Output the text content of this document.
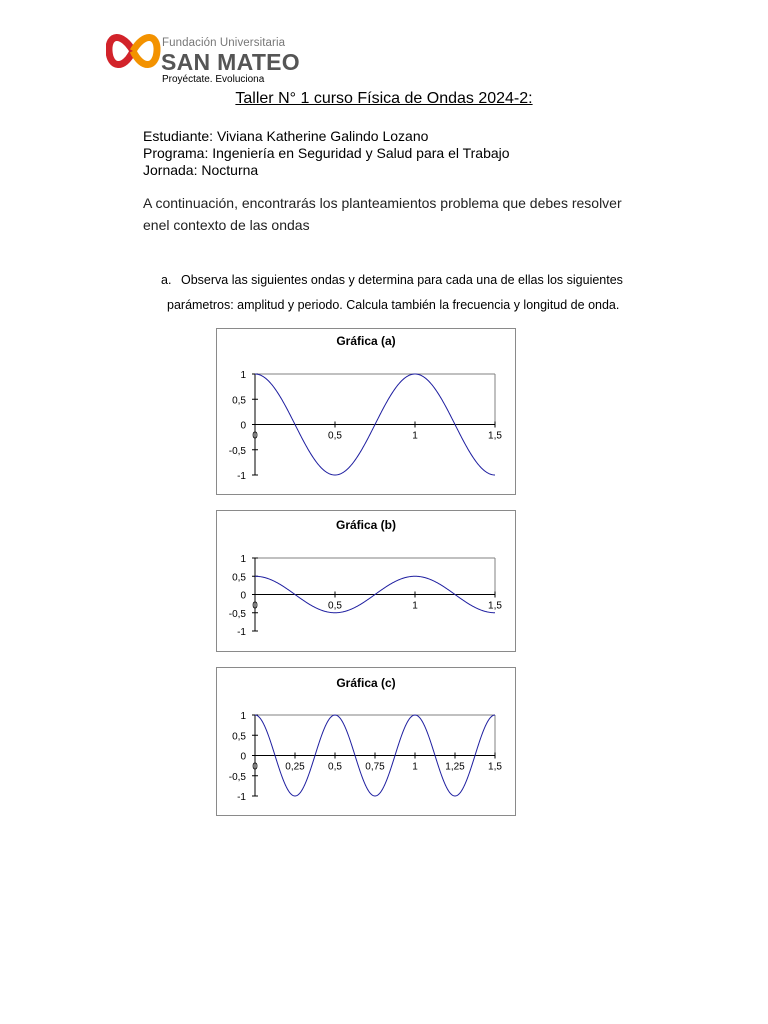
Fundación Universitaria
SAN MATEO
Proyéctate. Evoluciona
Taller N° 1 curso Física de Ondas 2024-2:
Estudiante: Viviana Katherine Galindo Lozano
Programa: Ingeniería en Seguridad y Salud para el Trabajo
Jornada: Nocturna
A continuación, encontrarás los planteamientos problema que debes resolver enel contexto de las ondas
a. Observa las siguientes ondas y determina para cada una de ellas los siguientes
parámetros: amplitud y periodo. Calcula también la frecuencia y longitud de onda.
Gráfica (a)
1
0,5
0
-0,5
-1
0	0,5	1	1,5
Gráfica (b)
1
0,5
0
-0,5
-1
0	0,5	1	1,5
Gráfica (c)
1
0,5
0
-0,5
-1
0	0,25 0,5 0,75	1	1,25 1,5
